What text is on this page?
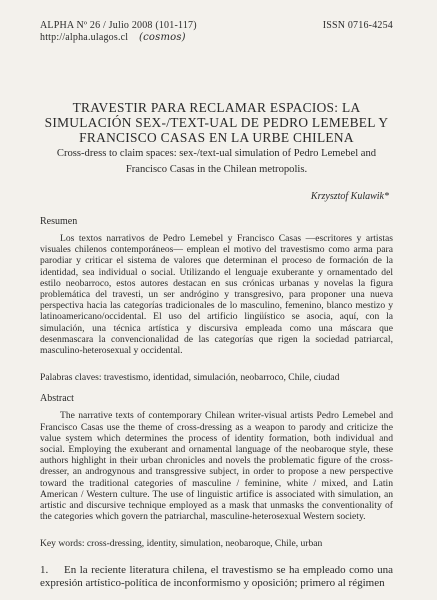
ALPHA Nº 26 / Julio 2008 (101-117)
http://alpha.ulagos.cl (cosmos)
ISSN 0716-4254
TRAVESTIR PARA RECLAMAR ESPACIOS: LA
SIMULACIÓN SEX-/TEXT-UAL DE PEDRO LEMEBEL Y
FRANCISCO CASAS EN LA URBE CHILENA
Cross-dress to claim spaces: sex-/text-ual simulation of Pedro Lemebel and
Francisco Casas in the Chilean metropolis.
Krzysztof Kulawik*
Resumen

Los textos narrativos de Pedro Lemebel y Francisco Casas —escritores y artistas visuales chilenos contemporáneos— emplean el motivo del travestismo como arma para parodiar y criticar el sistema de valores que determinan el proceso de formación de la identidad, sea individual o social. Utilizando el lenguaje exuberante y ornamentado del estilo neobarroco, estos autores destacan en sus crónicas urbanas y novelas la figura problemática del travesti, un ser andrógino y transgresivo, para proponer una nueva perspectiva hacia las categorías tradicionales de lo masculino, femenino, blanco mestizo y latinoamericano/occidental. El uso del artificio lingüístico se asocia, aquí, con la simulación, una técnica artística y discursiva empleada como una máscara que desenmascara la convencionalidad de las categorías que rigen la sociedad patriarcal, masculino-heterosexual y occidental.

Palabras claves: travestismo, identidad, simulación, neobarroco, Chile, ciudad
Abstract

The narrative texts of contemporary Chilean writer-visual artists Pedro Lemebel and Francisco Casas use the theme of cross-dressing as a weapon to parody and criticize the value system which determines the process of identity formation, both individual and social. Employing the exuberant and ornamental language of the neobaroque style, these authors highlight in their urban chronicles and novels the problematic figure of the cross-dresser, an androgynous and transgressive subject, in order to propose a new perspective toward the traditional categories of masculine / feminine, white / mixed, and Latin American / Western culture. The use of linguistic artifice is associated with simulation, an artistic and discursive technique employed as a mask that unmasks the conventionality of the categories which govern the patriarchal, masculine-heterosexual Western society.

Key words: cross-dressing, identity, simulation, neobaroque, Chile, urban
1. En la reciente literatura chilena, el travestismo se ha empleado como una expresión artístico-política de inconformismo y oposición; primero al régimen
